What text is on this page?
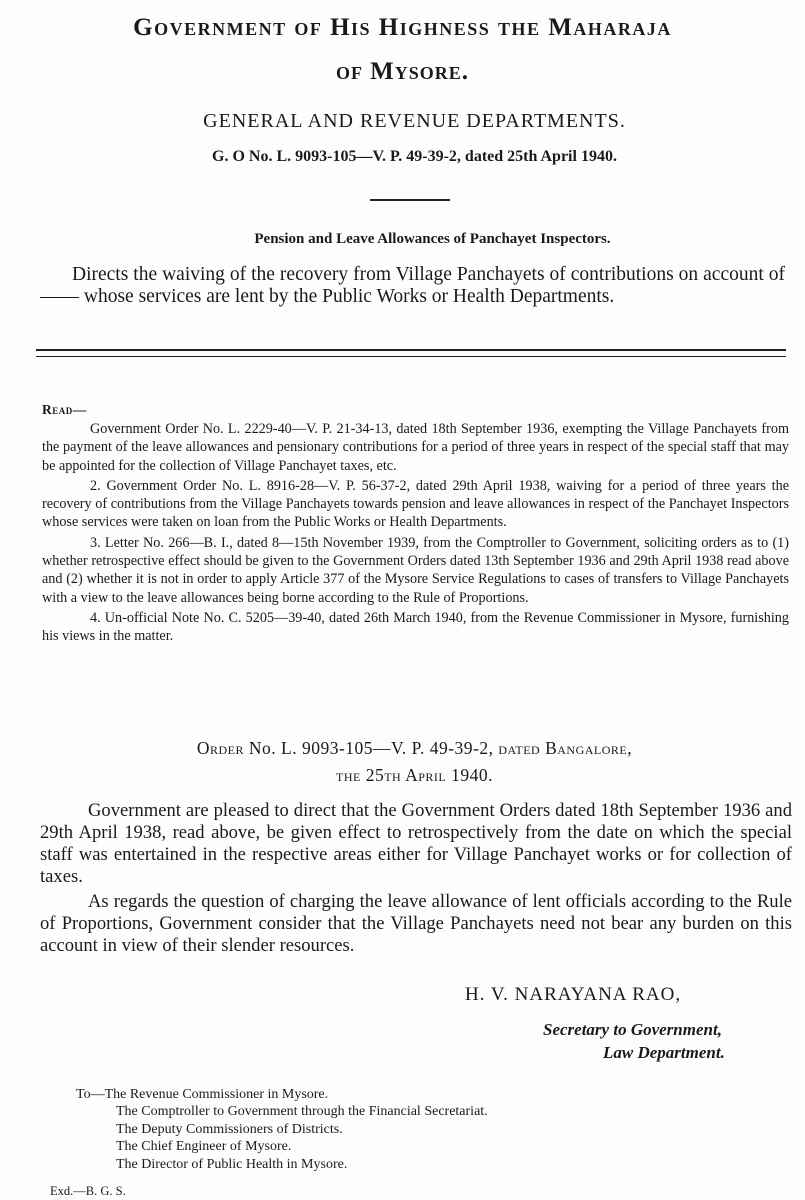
Government of His Highness the Maharaja
of Mysore.
GENERAL AND REVENUE DEPARTMENTS.
G. O No. L. 9093-105—V. P. 49-39-2, dated 25th April 1940.
Pension and Leave Allowances of Panchayet Inspectors.
Directs the waiving of the recovery from Village Panchayets of contributions on account of —— whose services are lent by the Public Works or Health Departments.
Read—

Government Order No. L. 2229-40—V. P. 21-34-13, dated 18th September 1936, exempting the Village Panchayets from the payment of the leave allowances and pensionary contributions for a period of three years in respect of the special staff that may be appointed for the collection of Village Panchayet taxes, etc.

2. Government Order No. L. 8916-28—V. P. 56-37-2, dated 29th April 1938, waiving for a period of three years the recovery of contributions from the Village Panchayets towards pension and leave allowances in respect of the Panchayet Inspectors whose services were taken on loan from the Public Works or Health Departments.

3. Letter No. 266—B. I., dated 8—15th November 1939, from the Comptroller to Government, soliciting orders as to (1) whether retrospective effect should be given to the Government Orders dated 13th September 1936 and 29th April 1938 read above and (2) whether it is not in order to apply Article 377 of the Mysore Service Regulations to cases of transfers to Village Panchayets with a view to the leave allowances being borne according to the Rule of Proportions.

4. Un-official Note No. C. 5205—39-40, dated 26th March 1940, from the Revenue Commissioner in Mysore, furnishing his views in the matter.

Order No. L. 9093-105—V. P. 49-39-2, dated Bangalore,
the 25th April 1940.

Government are pleased to direct that the Government Orders dated 18th September 1936 and 29th April 1938, read above, be given effect to retrospectively from the date on which the special staff was entertained in the respective areas either for Village Panchayet works or for collection of taxes.

As regards the question of charging the leave allowance of lent officials according to the Rule of Proportions, Government consider that the Village Panchayets need not bear any burden on this account in view of their slender resources.

H. V. NARAYANA RAO,
Secretary to Government,
Law Department.

To—The Revenue Commissioner in Mysore.

The Comptroller to Government through the Financial Secretariat.

The Deputy Commissioners of Districts.

The Chief Engineer of Mysore.

The Director of Public Health in Mysore.

Exd.—B. G. S.
